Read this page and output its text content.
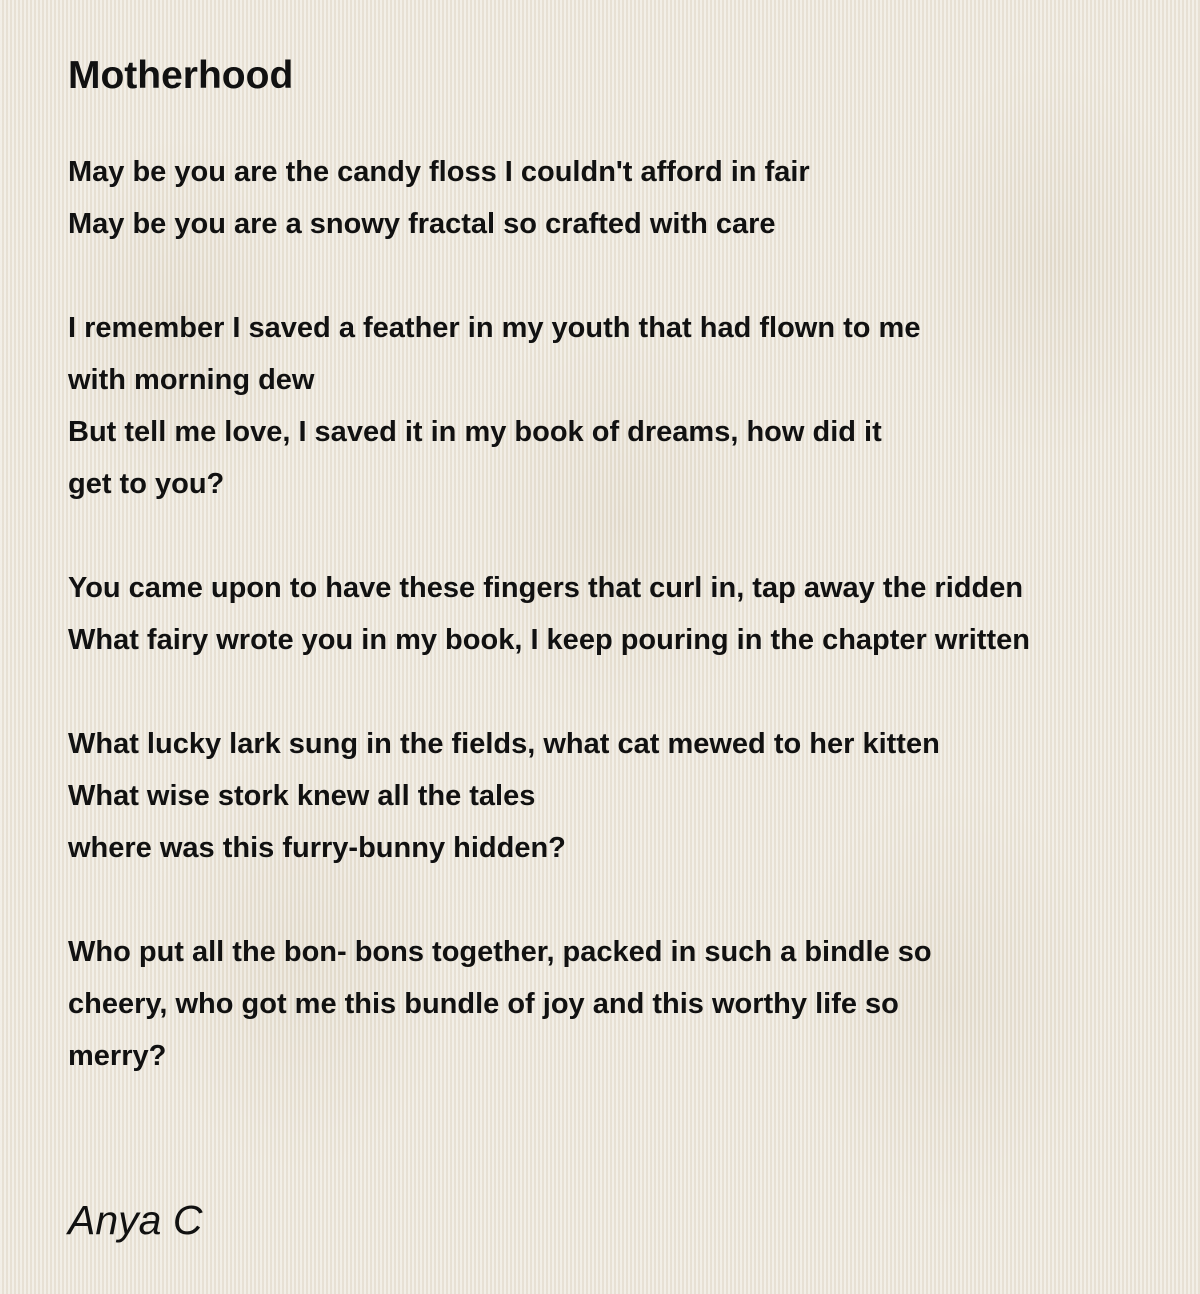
Motherhood
May be you are the candy floss I couldn't afford in fair
May be you are a snowy fractal so crafted with care
I remember I saved a feather in my youth that had flown to me
with morning dew
But tell me love, I saved it in my book of dreams, how did it
get to you?
You came upon to have these fingers that curl in, tap away the ridden
What fairy wrote you in my book, I keep pouring in the chapter written
What lucky lark sung in the fields, what cat mewed to her kitten
What wise stork knew all the tales
where was this furry-bunny hidden?
Who put all the bon- bons together, packed in such a bindle so
cheery, who got me this bundle of joy and this worthy life so
merry?
Anya C
